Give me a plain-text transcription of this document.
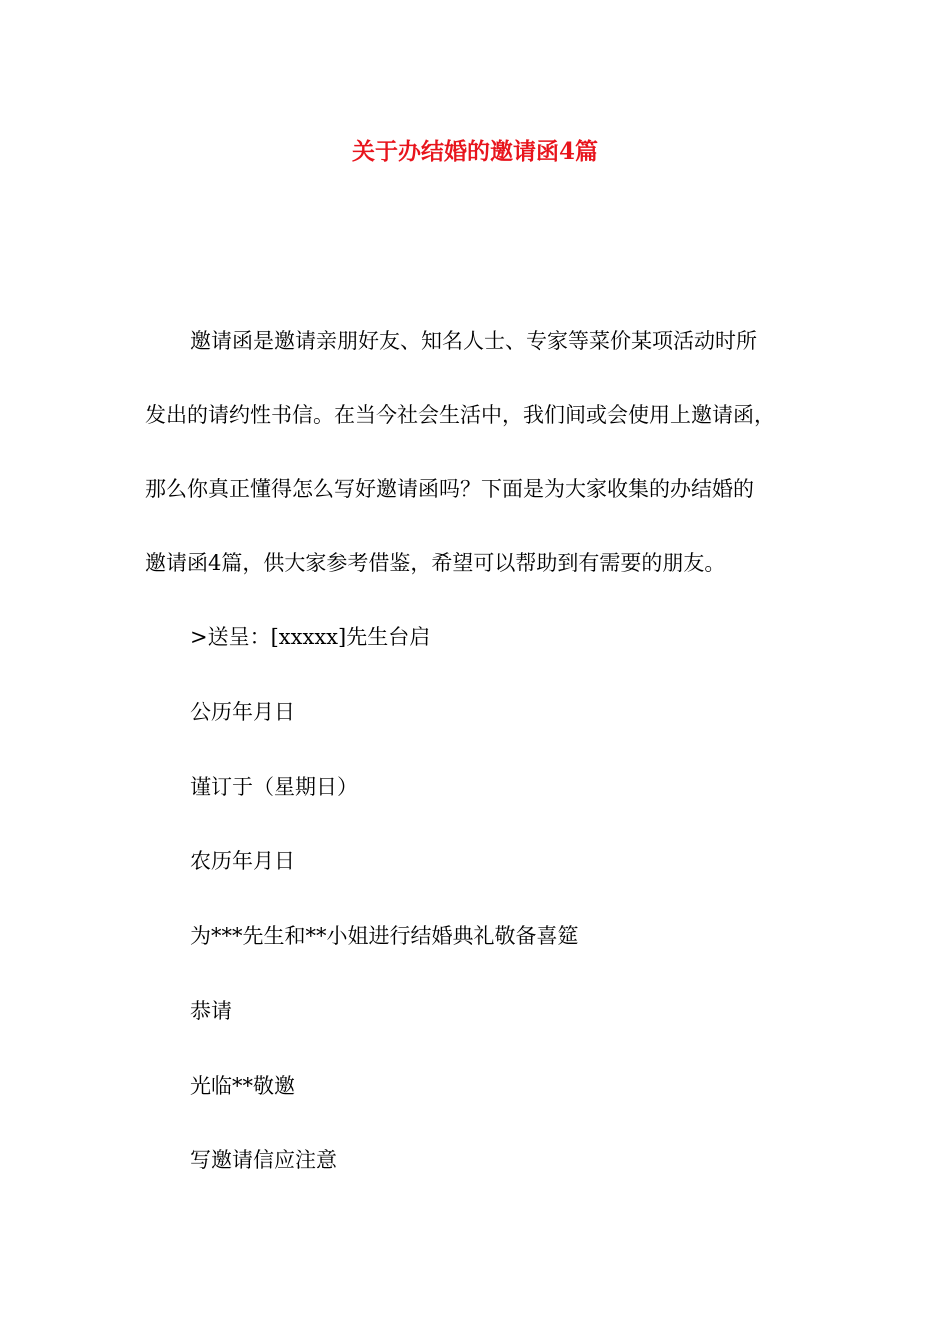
关于办结婚的邀请函4篇
邀请函是邀请亲朋好友、知名人士、专家等菜价某项活动时所
发出的请约性书信。在当今社会生活中，我们间或会使用上邀请函，
那么你真正懂得怎么写好邀请函吗？下面是为大家收集的办结婚的
邀请函4篇，供大家参考借鉴，希望可以帮助到有需要的朋友。
>送呈：[xxxxx]先生台启
公历年月日
谨订于（星期日）
农历年月日
为***先生和**小姐进行结婚典礼敬备喜筵
恭请
光临**敬邀
写邀请信应注意
